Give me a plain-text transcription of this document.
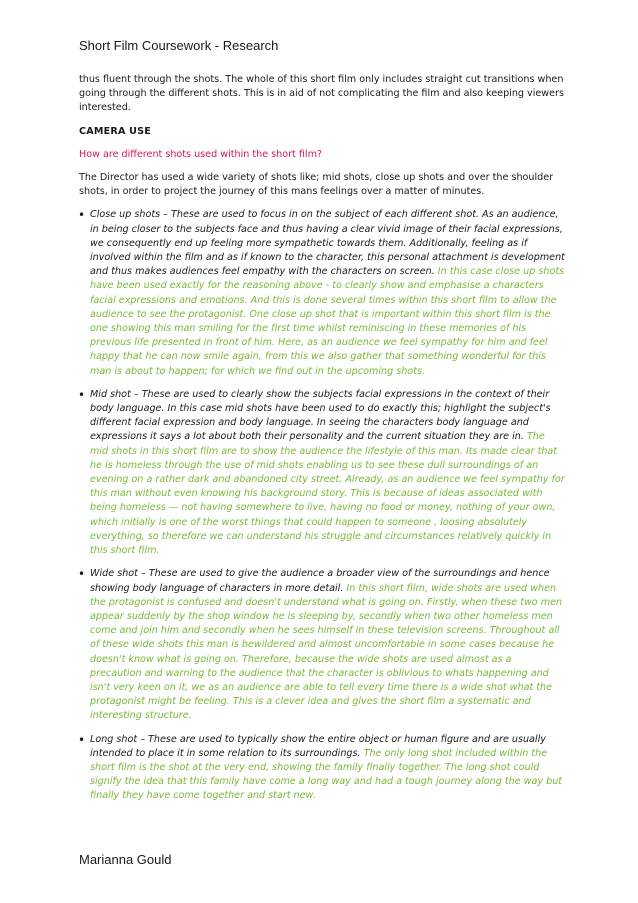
Short Film Coursework - Research

thus fluent through the shots. The whole of this short film only includes straight cut transitions when going through the different shots. This is in aid of not complicating the film and also keeping viewers interested.

CAMERA USE

How are different shots used within the short film?

The Director has used a wide variety of shots like; mid shots, close up shots and over the shoulder shots, in order to project the journey of this mans feelings over a matter of minutes.

• Close up shots – These are used to focus in on the subject of each different shot. As an audience, in being closer to the subjects face and thus having a clear vivid image of their facial expressions, we consequently end up feeling more sympathetic towards them. Additionally, feeling as if involved within the film and as if known to the character, this personal attachment is development and thus makes audiences feel empathy with the characters on screen. In this case close up shots have been used exactly for the reasoning above - to clearly show and emphasise a characters facial expressions and emotions. And this is done several times within this short film to allow the audience to see the protagonist. One close up shot that is important within this short film is the one showing this man smiling for the first time whilst reminiscing in these memories of his previous life presented in front of him. Here, as an audience we feel sympathy for him and feel happy that he can now smile again, from this we also gather that something wonderful for this man is about to happen; for which we find out in the upcoming shots.
• Mid shot – These are used to clearly show the subjects facial expressions in the context of their body language. In this case mid shots have been used to do exactly this; highlight the subject's different facial expression and body language. In seeing the characters body language and expressions it says a lot about both their personality and the current situation they are in. The mid shots in this short film are to show the audience the lifestyle of this man. Its made clear that he is homeless through the use of mid shots enabling us to see these dull surroundings of an evening on a rather dark and abandoned city street. Already, as an audience we feel sympathy for this man without even knowing his background story. This is because of ideas associated with being homeless — not having somewhere to live, having no food or money, nothing of your own, which initially is one of the worst things that could happen to someone , loosing absolutely everything, so therefore we can understand his struggle and circumstances relatively quickly in this short film.
• Wide shot – These are used to give the audience a broader view of the surroundings and hence showing body language of characters in more detail. In this short film, wide shots are used when the protagonist is confused and doesn't understand what is going on. Firstly, when these two men appear suddenly by the shop window he is sleeping by, secondly when two other homeless men come and join him and secondly when he sees himself in these television screens. Throughout all of these wide shots this man is bewildered and almost uncomfortable in some cases because he doesn't know what is going on. Therefore, because the wide shots are used almost as a precaution and warning to the audience that the character is oblivious to whats happening and isn't very keen on it, we as an audience are able to tell every time there is a wide shot what the protagonist might be feeling. This is a clever idea and gives the short film a systematic and interesting structure.
• Long shot – These are used to typically show the entire object or human figure and are usually intended to place it in some relation to its surroundings. The only long shot included within the short film is the shot at the very end, showing the family finally together. The long shot could signify the idea that this family have come a long way and had a tough journey along the way but finally they have come together and start new.
Marianna Gould
